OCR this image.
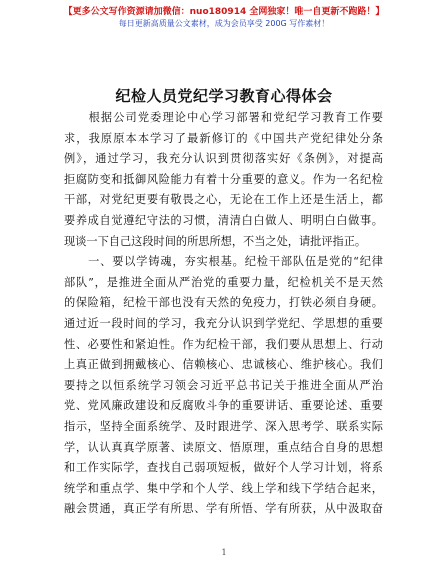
【更多公文写作资源请加微信：nuo180914 全网独家！唯一自更新不跑路！】
每日更新高质量公文素材，成为会员享受 200G 写作素材！
纪检人员党纪学习教育心得体会
　　根据公司党委理论中心学习部署和党纪学习教育工作要
求，我原原本本学习了最新修订的《中国共产党纪律处分条
例》，通过学习，我充分认识到贯彻落实好《条例》，对提高
拒腐防变和抵御风险能力有着十分重要的意义。作为一名纪检
干部，对党纪更要有敬畏之心，无论在工作上还是生活上，都
要养成自觉遵纪守法的习惯，清清白白做人、明明白白做事。
现谈一下自己这段时间的所思所想，不当之处，请批评指正。
　　一、要以学铸魂，夯实根基。纪检干部队伍是党的“纪律
部队”，是推进全面从严治党的重要力量，纪检机关不是天然
的保险箱，纪检干部也没有天然的免疫力，打铁必须自身硬。
通过近一段时间的学习，我充分认识到学党纪、学思想的重要
性、必要性和紧迫性。作为纪检干部，我们要从思想上、行动
上真正做到拥戴核心、信赖核心、忠诚核心、维护核心。我们
要持之以恒系统学习领会习近平总书记关于推进全面从严治
党、党风廉政建设和反腐败斗争的重要讲话、重要论述、重要
指示，坚持全面系统学、及时跟进学、深入思考学、联系实际
学，认认真真学原著、读原文、悟原理，重点结合自身的思想
和工作实际学，查找自己弱项短板，做好个人学习计划，将系
统学和重点学、集中学和个人学、线上学和线下学结合起来，
融会贯通，真正学有所思、学有所悟、学有所获，从中汲取奋
1
